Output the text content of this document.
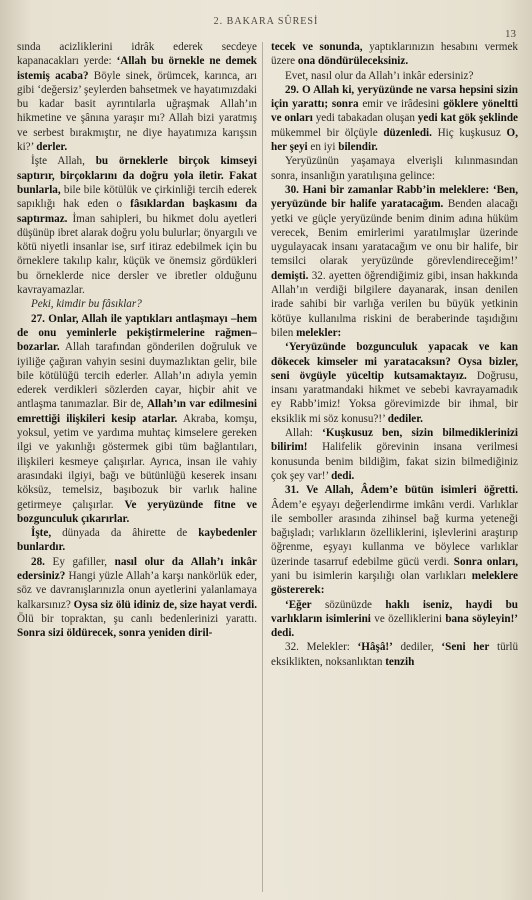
2. BAKARA SÛRESİ
13

sında acizliklerini idrâk ederek secdeye kapanacakları yerde: ‘Allah bu örnekle ne demek istemiş acaba? Böyle sinek, örümcek, karınca, arı gibi ‘değersiz’ şeylerden bahsetmek ve hayatımızdaki bu kadar basit ayrıntılarla uğraşmak Allah’ın hikmetine ve şânına yaraşır mı? Allah bizi yaratmış ve serbest bırakmıştır, ne diye hayatımıza karışsın ki?’ derler.

İşte Allah, bu örneklerle birçok kimseyi saptırır, birçoklarını da doğru yola iletir. Fakat bunlarla, bile bile kötülük ve çirkinliği tercih ederek sapıklığı hak eden o fâsıklardan başkasını da saptırmaz. İman sahipleri, bu hikmet dolu ayetleri düşünüp ibret alarak doğru yolu bulurlar; önyargılı ve kötü niyetli insanlar ise, sırf itiraz edebilmek için bu örneklere takılıp kalır, küçük ve önemsiz gördükleri bu örneklerde nice dersler ve ibretler olduğunu kavrayamazlar.

Peki, kimdir bu fâsıklar?

27. Onlar, Allah ile yaptıkları antlaşmayı –hem de onu yeminlerle pekiştirmelerine rağmen– bozarlar. Allah tarafından gönderilen doğruluk ve iyiliğe çağıran vahyin sesini duymazlıktan gelir, bile bile kötülüğü tercih ederler. Allah’ın adıyla yemin ederek verdikleri sözlerden cayar, hiçbir ahit ve antlaşma tanımazlar. Bir de, Allah’ın var edilmesini emrettiği ilişkileri kesip atarlar. Akraba, komşu, yoksul, yetim ve yardıma muhtaç kimselere gereken ilgi ve yakınlığı göstermek gibi tüm bağlantıları, ilişkileri kesmeye çalışırlar. Ayrıca, insan ile vahiy arasındaki ilgiyi, bağı ve bütünlüğü keserek insanı köksüz, temelsiz, başıbozuk bir varlık haline getirmeye çalışırlar. Ve yeryüzünde fitne ve bozgunculuk çıkarırlar.

İşte, dünyada da âhirette de kaybedenler bunlardır.

28. Ey gafiller, nasıl olur da Allah’ı inkâr edersiniz? Hangi yüzle Allah’a karşı nankörlük eder, söz ve davranışlarınızla onun ayetlerini yalanlamaya kalkarsınız? Oysa siz ölü idiniz de, size hayat verdi. Ölü bir topraktan, şu canlı bedenlerinizi yarattı. Sonra sizi öldürecek, sonra yeniden diril-

tecek ve sonunda, yaptıklarınızın hesabını vermek üzere ona döndürüleceksiniz.

Evet, nasıl olur da Allah’ı inkâr edersiniz?

29. O Allah ki, yeryüzünde ne varsa hepsini sizin için yarattı; sonra emir ve irâdesini göklere yöneltti ve onları yedi tabakadan oluşan yedi kat gök şeklinde mükemmel bir ölçüyle düzenledi. Hiç kuşkusuz O, her şeyi en iyi bilendir.

Yeryüzünün yaşamaya elverişli kılınmasından sonra, insanlığın yaratılışına gelince:

30. Hani bir zamanlar Rabb’in meleklere: ‘Ben, yeryüzünde bir halife yaratacağım. Benden alacağı yetki ve güçle yeryüzünde benim dinim adına hüküm verecek, Benim emirlerimi yaratılmışlar üzerinde uygulayacak insanı yaratacağım ve onu bir halife, bir temsilci olarak yeryüzünde görevlendireceğim!’ demişti. 32. ayetten öğrendiğimiz gibi, insan hakkında Allah’ın verdiği bilgilere dayanarak, insan denilen irade sahibi bir varlığa verilen bu büyük yetkinin kötüye kullanılma riskini de beraberinde taşıdığını bilen melekler:

‘Yeryüzünde bozgunculuk yapacak ve kan dökecek kimseler mi yaratacaksın? Oysa bizler, seni övgüyle yüceltip kutsamaktayız. Doğrusu, insanı yaratmandaki hikmet ve sebebi kavrayamadık ey Rabb’imiz! Yoksa görevimizde bir ihmal, bir eksiklik mi söz konusu?!’ dediler.

Allah: ‘Kuşkusuz ben, sizin bilmediklerinizi bilirim! Halifelik görevinin insana verilmesi konusunda benim bildiğim, fakat sizin bilmediğiniz çok şey var!’ dedi.

31. Ve Allah, Âdem’e bütün isimleri öğretti. Âdem’e eşyayı değerlendirme imkânı verdi. Varlıklar ile semboller arasında zihinsel bağ kurma yeteneği bağışladı; varlıkların özelliklerini, işlevlerini araştırıp öğrenme, eşyayı kullanma ve böylece varlıklar üzerinde tasarruf edebilme gücü verdi. Sonra onları, yani bu isimlerin karşılığı olan varlıkları meleklere göstererek:

‘Eğer sözünüzde haklı iseniz, haydi bu varlıkların isimlerini ve özelliklerini bana söyleyin!’ dedi.

32. Melekler: ‘Hâşâ!’ dediler, ‘Seni her türlü eksiklikten, noksanlıktan tenzih
